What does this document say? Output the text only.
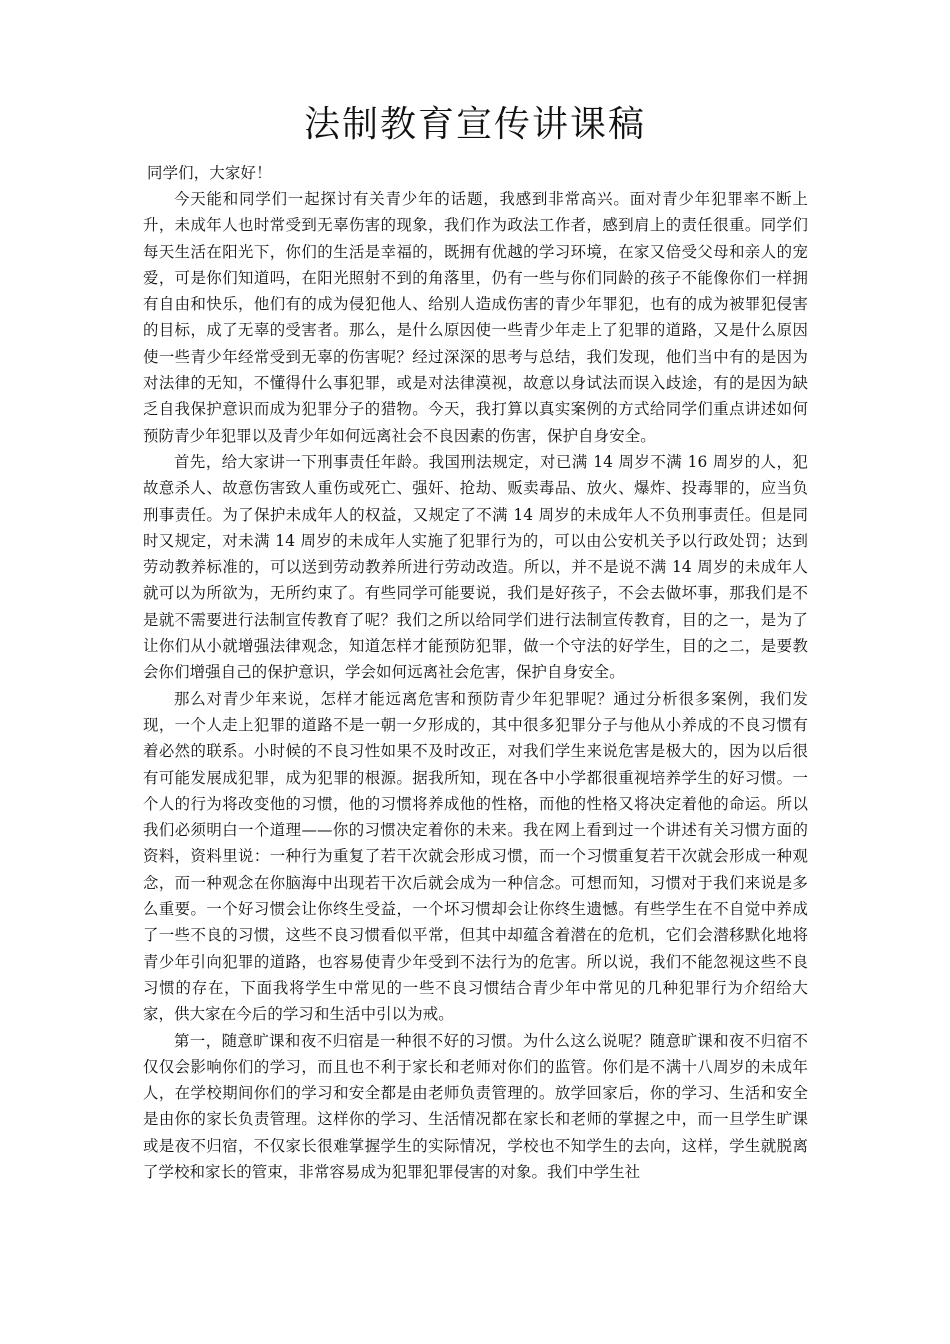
法制教育宣传讲课稿

同学们，大家好！

今天能和同学们一起探讨有关青少年的话题，我感到非常高兴。面对青少年犯罪率不断上升，未成年人也时常受到无辜伤害的现象，我们作为政法工作者，感到肩上的责任很重。同学们每天生活在阳光下，你们的生活是幸福的，既拥有优越的学习环境，在家又倍受父母和亲人的宠爱，可是你们知道吗，在阳光照射不到的角落里，仍有一些与你们同龄的孩子不能像你们一样拥有自由和快乐，他们有的成为侵犯他人、给别人造成伤害的青少年罪犯，也有的成为被罪犯侵害的目标，成了无辜的受害者。那么，是什么原因使一些青少年走上了犯罪的道路，又是什么原因使一些青少年经常受到无辜的伤害呢？经过深深的思考与总结，我们发现，他们当中有的是因为对法律的无知，不懂得什么事犯罪，或是对法律漠视，故意以身试法而误入歧途，有的是因为缺乏自我保护意识而成为犯罪分子的猎物。今天，我打算以真实案例的方式给同学们重点讲述如何预防青少年犯罪以及青少年如何远离社会不良因素的伤害，保护自身安全。

首先，给大家讲一下刑事责任年龄。我国刑法规定，对已满 14 周岁不满 16 周岁的人，犯故意杀人、故意伤害致人重伤或死亡、强奸、抢劫、贩卖毒品、放火、爆炸、投毒罪的，应当负刑事责任。为了保护未成年人的权益，又规定了不满 14 周岁的未成年人不负刑事责任。但是同时又规定，对未满 14 周岁的未成年人实施了犯罪行为的，可以由公安机关予以行政处罚；达到劳动教养标准的，可以送到劳动教养所进行劳动改造。所以，并不是说不满 14 周岁的未成年人就可以为所欲为，无所约束了。有些同学可能要说，我们是好孩子，不会去做坏事，那我们是不是就不需要进行法制宣传教育了呢？我们之所以给同学们进行法制宣传教育，目的之一，是为了让你们从小就增强法律观念，知道怎样才能预防犯罪，做一个守法的好学生，目的之二，是要教会你们增强自己的保护意识，学会如何远离社会危害，保护自身安全。

那么对青少年来说，怎样才能远离危害和预防青少年犯罪呢？通过分析很多案例，我们发现，一个人走上犯罪的道路不是一朝一夕形成的，其中很多犯罪分子与他从小养成的不良习惯有着必然的联系。小时候的不良习性如果不及时改正，对我们学生来说危害是极大的，因为以后很有可能发展成犯罪，成为犯罪的根源。据我所知，现在各中小学都很重视培养学生的好习惯。一个人的行为将改变他的习惯，他的习惯将养成他的性格，而他的性格又将决定着他的命运。所以我们必须明白一个道理——你的习惯决定着你的未来。我在网上看到过一个讲述有关习惯方面的资料，资料里说：一种行为重复了若干次就会形成习惯，而一个习惯重复若干次就会形成一种观念，而一种观念在你脑海中出现若干次后就会成为一种信念。可想而知，习惯对于我们来说是多么重要。一个好习惯会让你终生受益，一个坏习惯却会让你终生遗憾。有些学生在不自觉中养成了一些不良的习惯，这些不良习惯看似平常，但其中却蕴含着潜在的危机，它们会潜移默化地将青少年引向犯罪的道路，也容易使青少年受到不法行为的危害。所以说，我们不能忽视这些不良习惯的存在，下面我将学生中常见的一些不良习惯结合青少年中常见的几种犯罪行为介绍给大家，供大家在今后的学习和生活中引以为戒。

第一，随意旷课和夜不归宿是一种很不好的习惯。为什么这么说呢？随意旷课和夜不归宿不仅仅会影响你们的学习，而且也不利于家长和老师对你们的监管。你们是不满十八周岁的未成年人，在学校期间你们的学习和安全都是由老师负责管理的。放学回家后，你的学习、生活和安全是由你的家长负责管理。这样你的学习、生活情况都在家长和老师的掌握之中，而一旦学生旷课或是夜不归宿，不仅家长很难掌握学生的实际情况，学校也不知学生的去向，这样，学生就脱离了学校和家长的管束，非常容易成为犯罪犯罪侵害的对象。我们中学生社
